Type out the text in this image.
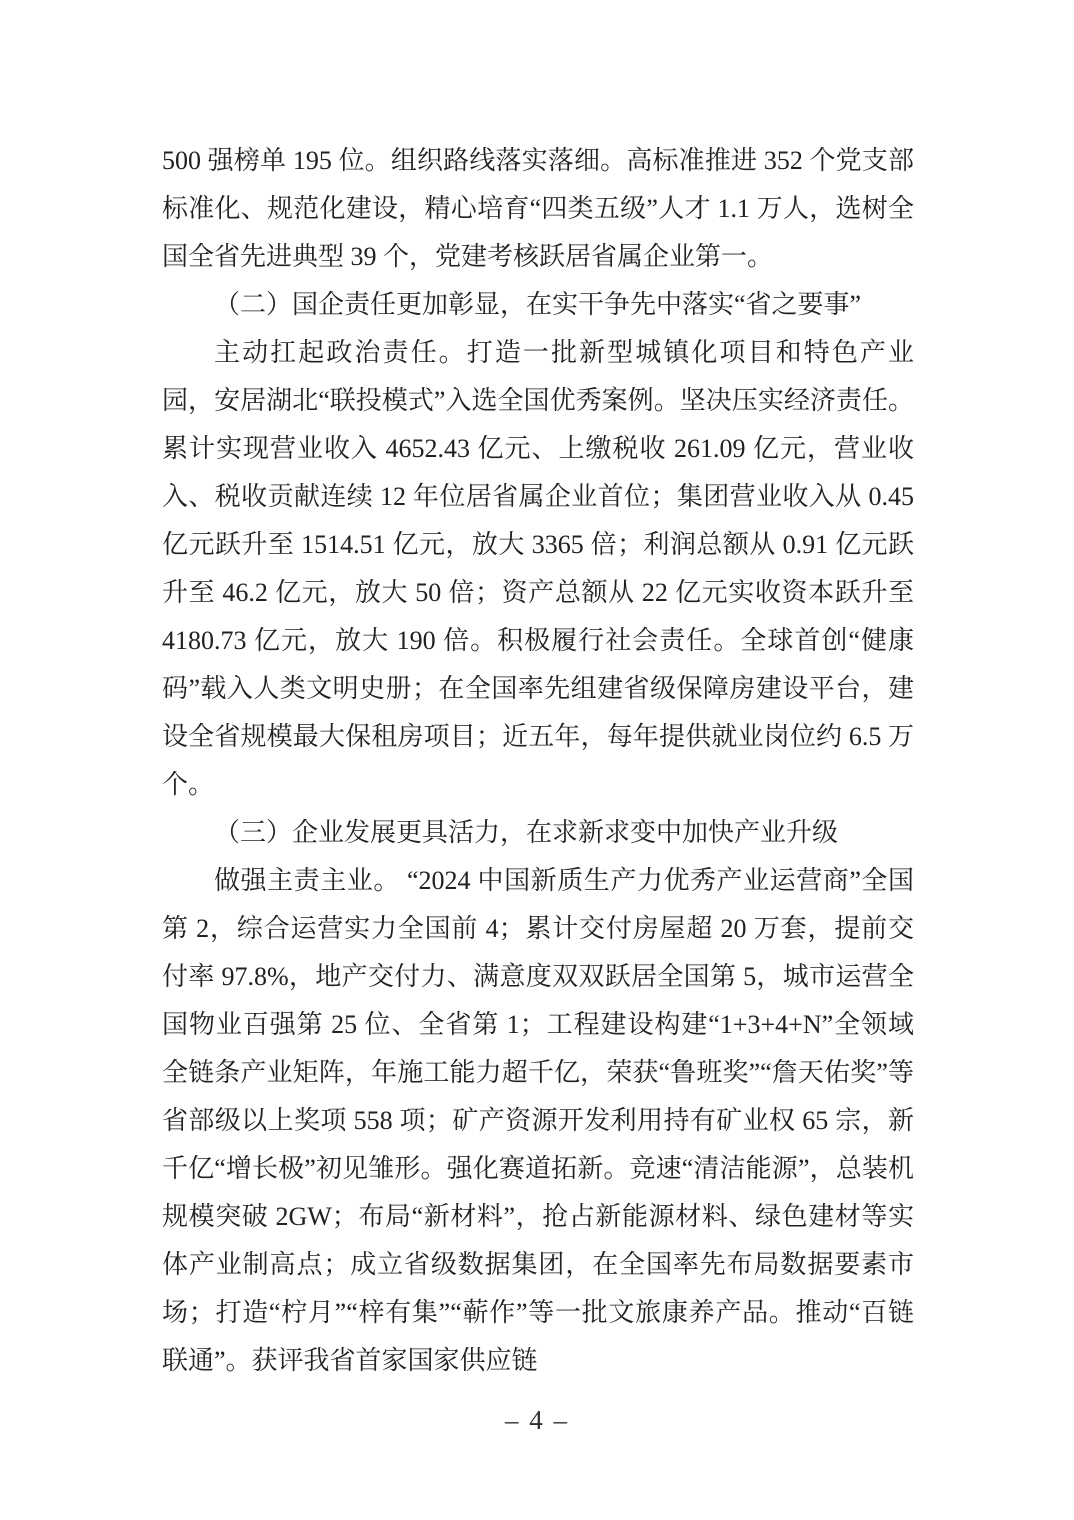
500 强榜单 195 位。组织路线落实落细。高标准推进 352 个党支部标准化、规范化建设，精心培育“四类五级”人才 1.1 万人，选树全国全省先进典型 39 个，党建考核跃居省属企业第一。

（二）国企责任更加彰显，在实干争先中落实“省之要事”

主动扛起政治责任。打造一批新型城镇化项目和特色产业园，安居湖北“联投模式”入选全国优秀案例。坚决压实经济责任。累计实现营业收入 4652.43 亿元、上缴税收 261.09 亿元，营业收入、税收贡献连续 12 年位居省属企业首位；集团营业收入从 0.45 亿元跃升至 1514.51 亿元，放大 3365 倍；利润总额从 0.91 亿元跃升至 46.2 亿元，放大 50 倍；资产总额从 22 亿元实收资本跃升至 4180.73 亿元，放大 190 倍。积极履行社会责任。全球首创“健康码”载入人类文明史册；在全国率先组建省级保障房建设平台，建设全省规模最大保租房项目；近五年，每年提供就业岗位约 6.5 万个。

（三）企业发展更具活力，在求新求变中加快产业升级

做强主责主业。 “2024 中国新质生产力优秀产业运营商”全国第 2，综合运营实力全国前 4；累计交付房屋超 20 万套，提前交付率 97.8%，地产交付力、满意度双双跃居全国第 5，城市运营全国物业百强第 25 位、全省第 1；工程建设构建“1+3+4+N”全领域全链条产业矩阵，年施工能力超千亿，荣获“鲁班奖”“詹天佑奖”等省部级以上奖项 558 项；矿产资源开发利用持有矿业权 65 宗，新千亿“增长极”初见雏形。强化赛道拓新。竞速“清洁能源”，总装机规模突破 2GW；布局“新材料”，抢占新能源材料、绿色建材等实体产业制高点；成立省级数据集团，在全国率先布局数据要素市场；打造“柠月”“梓有集”“蕲作”等一批文旅康养产品。推动“百链联通”。获评我省首家国家供应链

– 4 –
